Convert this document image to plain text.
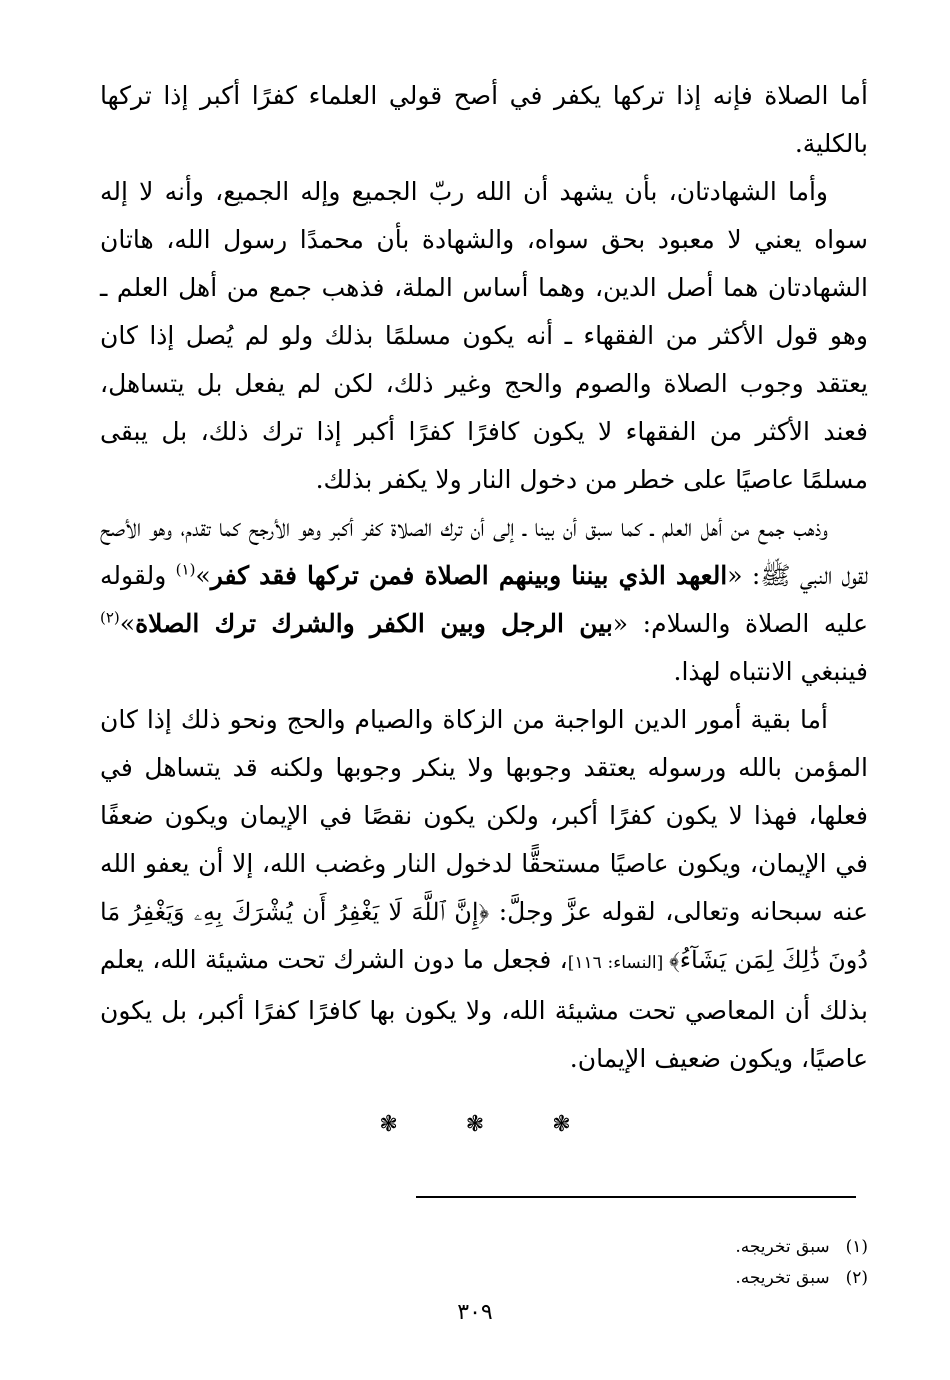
أما الصلاة فإنه إذا تركها يكفر في أصح قولي العلماء كفرًا أكبر إذا تركها بالكلية.

وأما الشهادتان، بأن يشهد أن الله ربّ الجميع وإله الجميع، وأنه لا إله سواه يعني لا معبود بحق سواه، والشهادة بأن محمدًا رسول الله، هاتان الشهادتان هما أصل الدين، وهما أساس الملة، فذهب جمع من أهل العلم ـ وهو قول الأكثر من الفقهاء ـ أنه يكون مسلمًا بذلك ولو لم يُصل إذا كان يعتقد وجوب الصلاة والصوم والحج وغير ذلك، لكن لم يفعل بل يتساهل، فعند الأكثر من الفقهاء لا يكون كافرًا كفرًا أكبر إذا ترك ذلك، بل يبقى مسلمًا عاصيًا على خطر من دخول النار ولا يكفر بذلك.

وذهب جمع من أهل العلم ـ كما سبق أن بينا ـ إلى أن ترك الصلاة كفر أكبر وهو الأرجح كما تقدم، وهو الأصح لقول النبي ﷺ: «العهد الذي بيننا وبينهم الصلاة فمن تركها فقد كفر»$^{(١)}$ ولقوله عليه الصلاة والسلام: «بين الرجل وبين الكفر والشرك ترك الصلاة»$^{(٢)}$ فينبغي الانتباه لهذا.

أما بقية أمور الدين الواجبة من الزكاة والصيام والحج ونحو ذلك إذا كان المؤمن بالله ورسوله يعتقد وجوبها ولا ينكر وجوبها ولكنه قد يتساهل في فعلها، فهذا لا يكون كفرًا أكبر، ولكن يكون نقصًا في الإيمان ويكون ضعفًا في الإيمان، ويكون عاصيًا مستحقًّا لدخول النار وغضب الله، إلا أن يعفو الله عنه سبحانه وتعالى، لقوله عزَّ وجلَّ: ﴿إِنَّ ٱللَّهَ لَا يَغْفِرُ أَن يُشْرَكَ بِهِۦ وَيَغْفِرُ مَا دُونَ ذَٰلِكَ لِمَن يَشَآءُ﴾ [النساء: ١١٦]، فجعل ما دون الشرك تحت مشيئة الله، يعلم بذلك أن المعاصي تحت مشيئة الله، ولا يكون بها كافرًا كفرًا أكبر، بل يكون عاصيًا، ويكون ضعيف الإيمان.

❃	❃	❃
(١)سبق تخريجه.
(٢)سبق تخريجه.
٣٠٩
